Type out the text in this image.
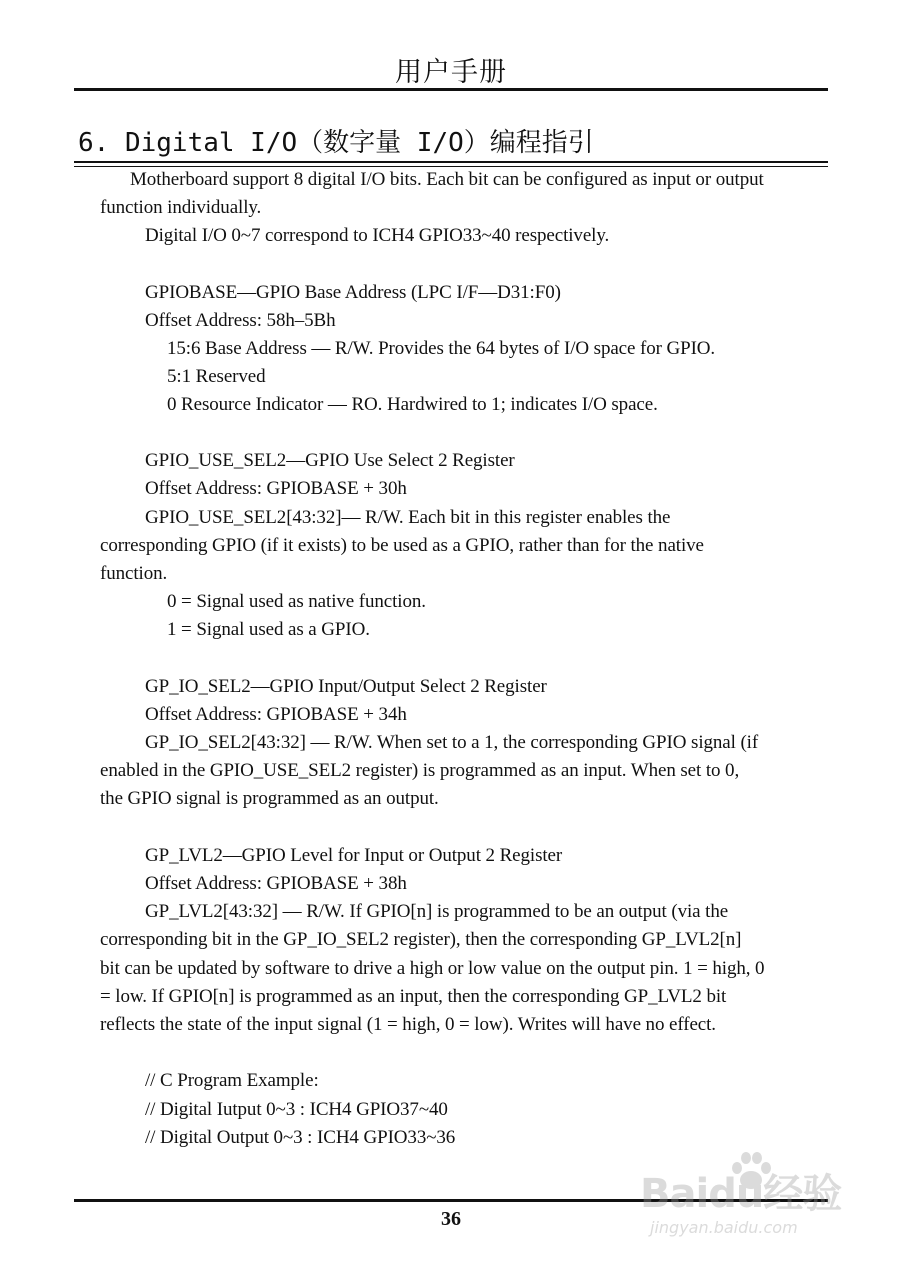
用户手册
6. Digital I/O（数字量 I/O）编程指引
Motherboard support 8 digital I/O bits. Each bit can be configured as input or output
function individually.
Digital I/O 0~7 correspond to ICH4 GPIO33~40 respectively.
GPIOBASE—GPIO Base Address (LPC I/F—D31:F0)
Offset Address: 58h–5Bh
15:6 Base Address — R/W. Provides the 64 bytes of I/O space for GPIO.
5:1 Reserved
0 Resource Indicator — RO. Hardwired to 1; indicates I/O space.
GPIO_USE_SEL2—GPIO Use Select 2 Register
Offset Address: GPIOBASE + 30h
GPIO_USE_SEL2[43:32]— R/W. Each bit in this register enables the
corresponding GPIO (if it exists) to be used as a GPIO, rather than for the native
function.
0 = Signal used as native function.
1 = Signal used as a GPIO.
GP_IO_SEL2—GPIO Input/Output Select 2 Register
Offset Address: GPIOBASE + 34h
GP_IO_SEL2[43:32] — R/W. When set to a 1, the corresponding GPIO signal (if
enabled in the GPIO_USE_SEL2 register) is programmed as an input. When set to 0,
the GPIO signal is programmed as an output.
GP_LVL2—GPIO Level for Input or Output 2 Register
Offset Address: GPIOBASE + 38h
GP_LVL2[43:32] — R/W. If GPIO[n] is programmed to be an output (via the
corresponding bit in the GP_IO_SEL2 register), then the corresponding GP_LVL2[n]
bit can be updated by software to drive a high or low value on the output pin. 1 = high, 0
= low. If GPIO[n] is programmed as an input, then the corresponding GP_LVL2 bit
reflects the state of the input signal (1 = high, 0 = low). Writes will have no effect.
// C Program Example:
// Digital Iutput 0~3 : ICH4 GPIO37~40
// Digital Output 0~3 : ICH4 GPIO33~36
36
Baidu经验
jingyan.baidu.com
